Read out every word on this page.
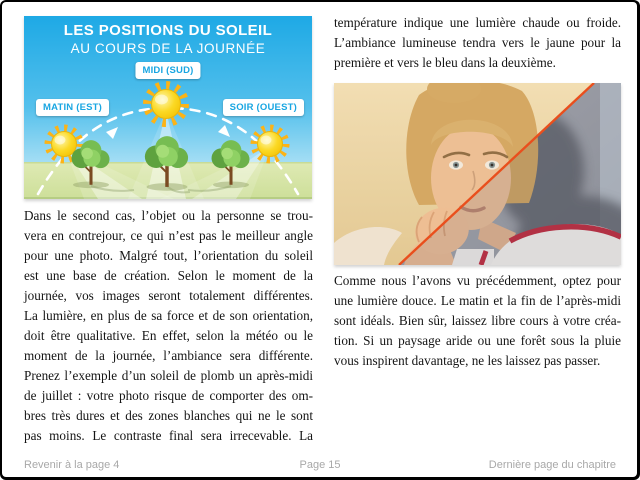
LES POSITIONS DU SOLEIL
AU COURS DE LA JOURNÉE
MIDI (SUD)
MATIN (EST)	SOIR (OUEST)
Dans le second cas, l’objet ou la personne se trou-
vera en contrejour, ce qui n’est pas le meilleur angle
pour une photo. Malgré tout, l’orientation du soleil
est une base de création. Selon le moment de la
journée, vos images seront totalement différentes.
La lumière, en plus de sa force et de son orientation,
doit être qualitative. En effet, selon la météo ou le
moment de la journée, l’ambiance sera différente.
Prenez l’exemple d’un soleil de plomb un après-midi
de juillet : votre photo risque de comporter des om-
bres très dures et des zones blanches qui ne le sont
pas moins. Le contraste final sera irrecevable. La
température indique une lumière chaude ou froide.
L’ambiance lumineuse tendra vers le jaune pour la
première et vers le bleu dans la deuxième.
Comme nous l’avons vu précédemment, optez pour
une lumière douce. Le matin et la fin de l’après-midi
sont idéals. Bien sûr, laissez libre cours à votre créa-
tion. Si un paysage aride ou une forêt sous la pluie
vous inspirent davantage, ne les laissez pas passer.
Revenir à la page 4	Page 15	Dernière page du chapitre
